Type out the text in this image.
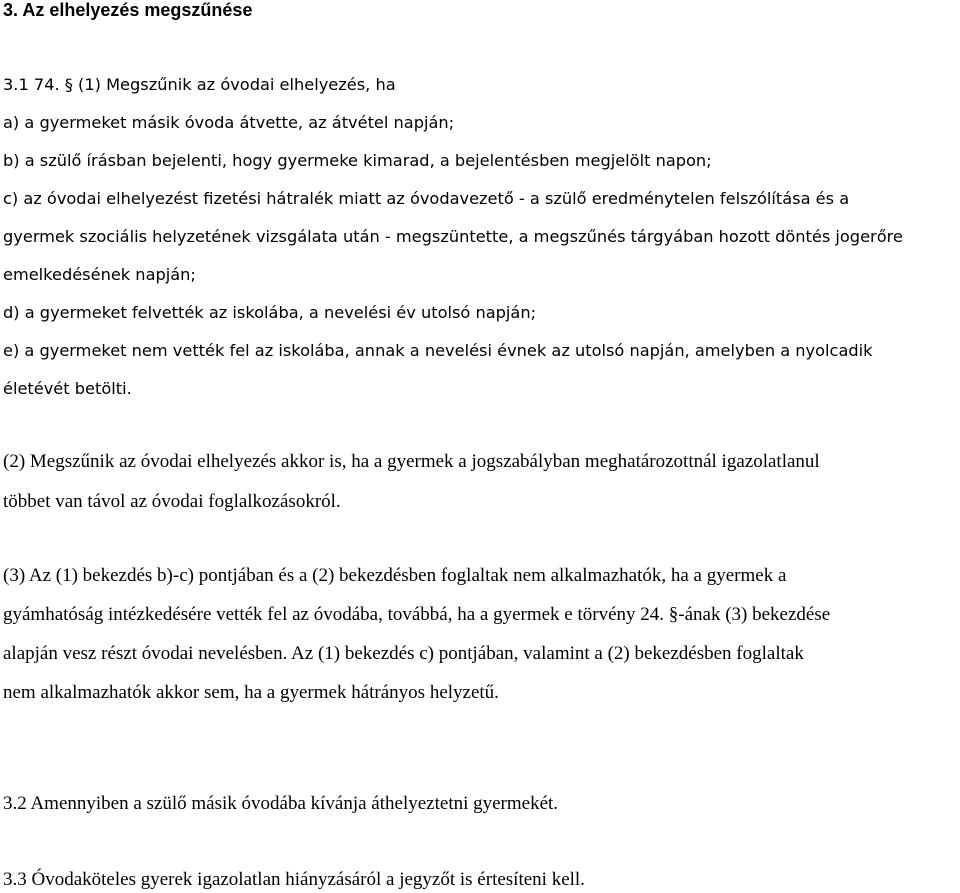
3. Az elhelyezés megszűnése
3.1 74. § (1) Megszűnik az óvodai elhelyezés, ha
a) a gyermeket másik óvoda átvette, az átvétel napján;
b) a szülő írásban bejelenti, hogy gyermeke kimarad, a bejelentésben megjelölt napon;
c) az óvodai elhelyezést fizetési hátralék miatt az óvodavezető - a szülő eredménytelen felszólítása és a
gyermek szociális helyzetének vizsgálata után - megszüntette, a megszűnés tárgyában hozott döntés jogerőre
emelkedésének napján;
d) a gyermeket felvették az iskolába, a nevelési év utolsó napján;
e) a gyermeket nem vették fel az iskolába, annak a nevelési évnek az utolsó napján, amelyben a nyolcadik
életévét betölti.
(2) Megszűnik az óvodai elhelyezés akkor is, ha a gyermek a jogszabályban meghatározottnál igazolatlanul
többet van távol az óvodai foglalkozásokról.
(3) Az (1) bekezdés b)-c) pontjában és a (2) bekezdésben foglaltak nem alkalmazhatók, ha a gyermek a
gyámhatóság intézkedésére vették fel az óvodába, továbbá, ha a gyermek e törvény 24. §-ának (3) bekezdése
alapján vesz részt óvodai nevelésben. Az (1) bekezdés c) pontjában, valamint a (2) bekezdésben foglaltak
nem alkalmazhatók akkor sem, ha a gyermek hátrányos helyzetű.
3.2 Amennyiben a szülő másik óvodába kívánja áthelyeztetni gyermekét.
3.3 Óvodaköteles gyerek igazolatlan hiányzásáról a jegyzőt is értesíteni kell.
